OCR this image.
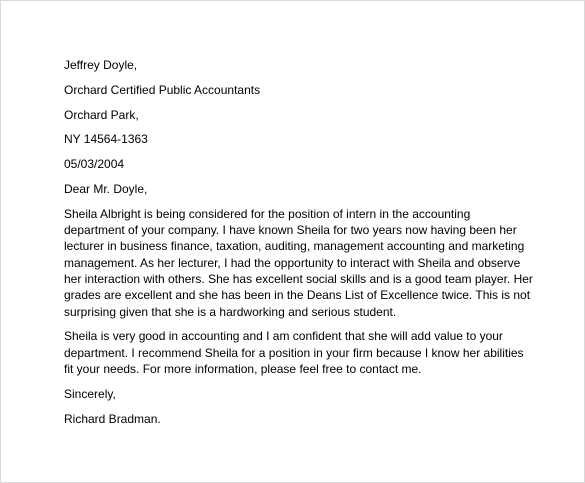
Jeffrey Doyle,
Orchard Certified Public Accountants
Orchard Park,
NY 14564-1363
05/03/2004
Dear Mr. Doyle,
Sheila Albright is being considered for the position of intern in the accounting department of your company. I have known Sheila for two years now having been her lecturer in business finance, taxation, auditing, management accounting and marketing management. As her lecturer, I had the opportunity to interact with Sheila and observe her interaction with others. She has excellent social skills and is a good team player. Her grades are excellent and she has been in the Deans List of Excellence twice. This is not surprising given that she is a hardworking and serious student.
Sheila is very good in accounting and I am confident that she will add value to your department. I recommend Sheila for a position in your firm because I know her abilities fit your needs. For more information, please feel free to contact me.
Sincerely,
Richard Bradman.
